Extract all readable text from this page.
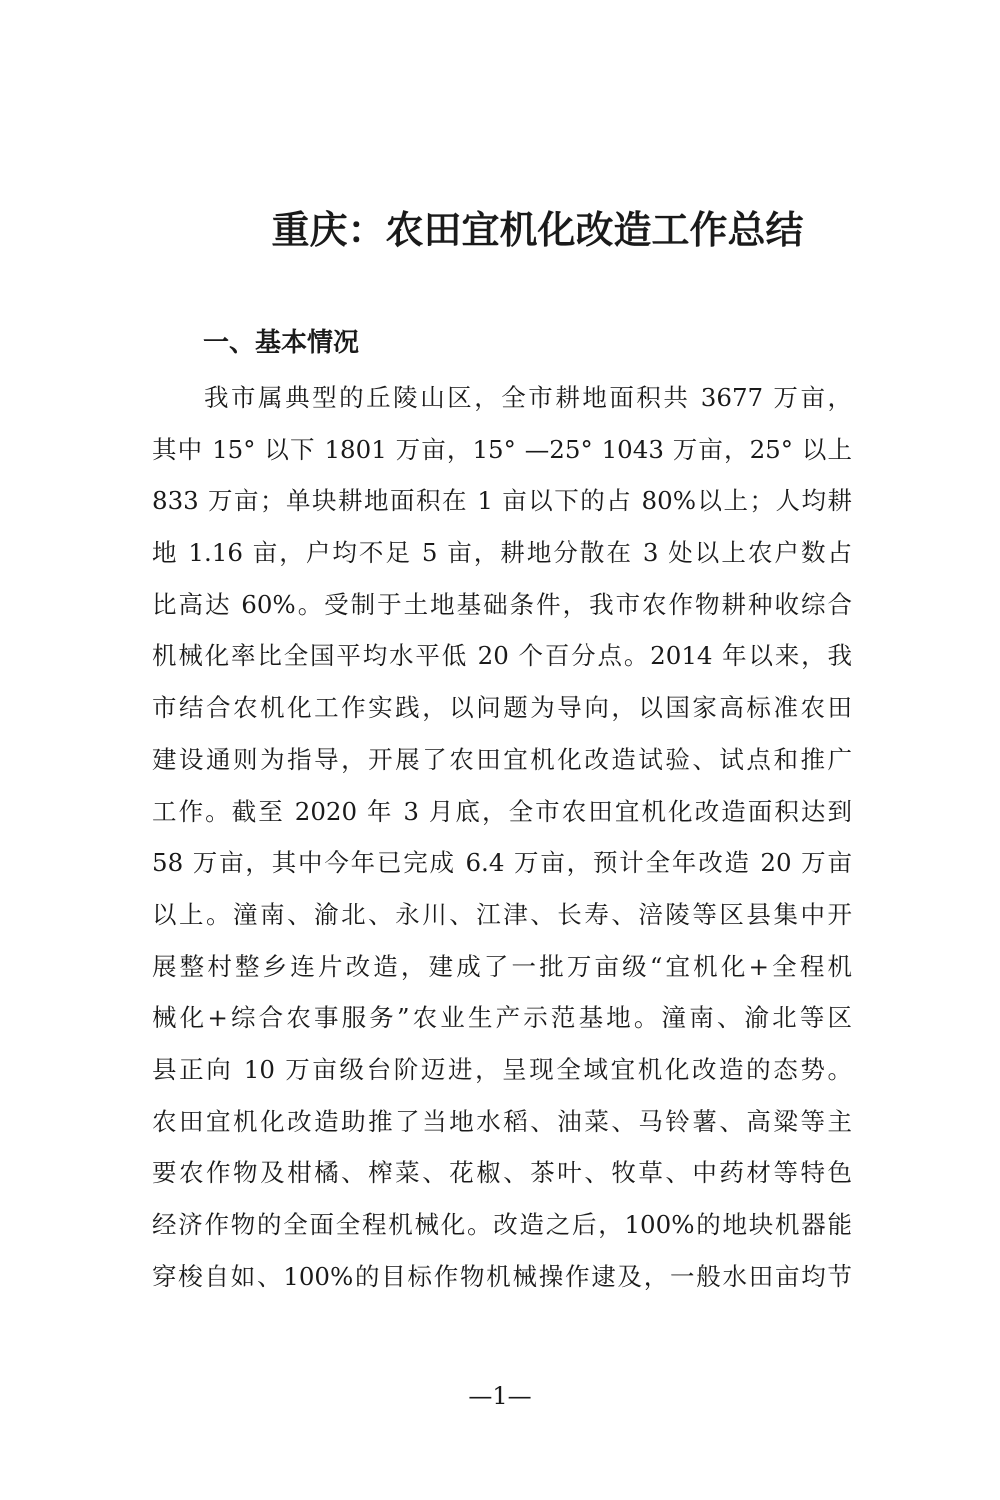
重庆：农田宜机化改造工作总结
一、基本情况
我市属典型的丘陵山区，全市耕地面积共 3677 万亩，
其中 15° 以下 1801 万亩，15° —25° 1043 万亩，25° 以上
833 万亩；单块耕地面积在 1 亩以下的占 80%以上；人均耕
地 1.16 亩，户均不足 5 亩，耕地分散在 3 处以上农户数占
比高达 60%。受制于土地基础条件，我市农作物耕种收综合
机械化率比全国平均水平低 20 个百分点。2014 年以来，我
市结合农机化工作实践，以问题为导向，以国家高标准农田
建设通则为指导，开展了农田宜机化改造试验、试点和推广
工作。截至 2020 年 3 月底，全市农田宜机化改造面积达到
58 万亩，其中今年已完成 6.4 万亩，预计全年改造 20 万亩
以上。潼南、渝北、永川、江津、长寿、涪陵等区县集中开
展整村整乡连片改造，建成了一批万亩级“宜机化+全程机
械化+综合农事服务”农业生产示范基地。潼南、渝北等区
县正向 10 万亩级台阶迈进，呈现全域宜机化改造的态势。
农田宜机化改造助推了当地水稻、油菜、马铃薯、高粱等主
要农作物及柑橘、榨菜、花椒、茶叶、牧草、中药材等特色
经济作物的全面全程机械化。改造之后，100%的地块机器能
穿梭自如、100%的目标作物机械操作逮及，一般水田亩均节

—1—
